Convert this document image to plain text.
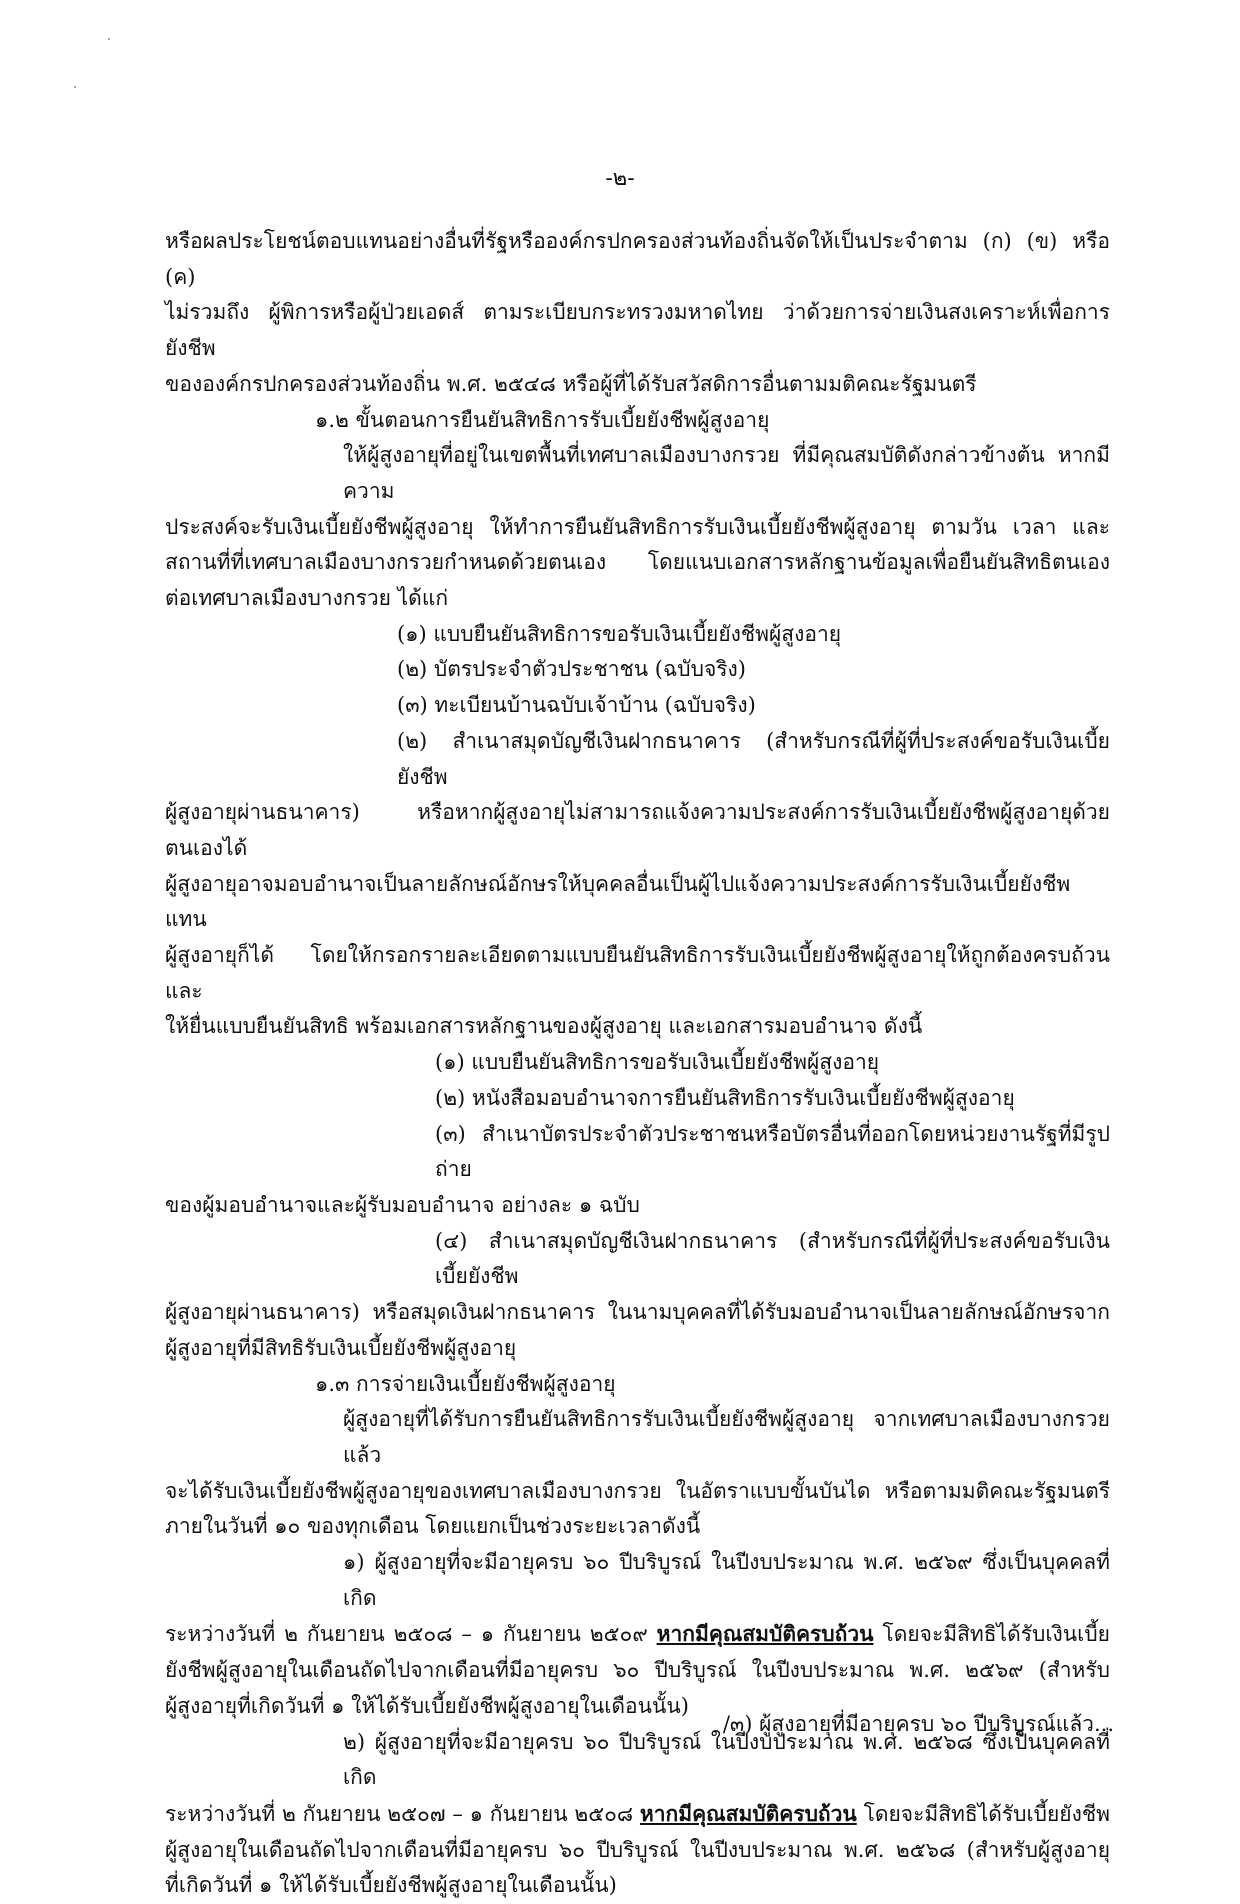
-๒-

หรือผลประโยชน์ตอบแทนอย่างอื่นที่รัฐหรือองค์กรปกครองส่วนท้องถิ่นจัดให้เป็นประจำตาม (ก) (ข) หรือ (ค)

ไม่รวมถึง ผู้พิการหรือผู้ป่วยเอดส์ ตามระเบียบกระทรวงมหาดไทย ว่าด้วยการจ่ายเงินสงเคราะห์เพื่อการยังชีพ

ขององค์กรปกครองส่วนท้องถิ่น พ.ศ. ๒๕๔๘ หรือผู้ที่ได้รับสวัสดิการอื่นตามมติคณะรัฐมนตรี

๑.๒ ขั้นตอนการยืนยันสิทธิการรับเบี้ยยังชีพผู้สูงอายุ

ให้ผู้สูงอายุที่อยู่ในเขตพื้นที่เทศบาลเมืองบางกรวย ที่มีคุณสมบัติดังกล่าวข้างต้น หากมีความ

ประสงค์จะรับเงินเบี้ยยังชีพผู้สูงอายุ ให้ทำการยืนยันสิทธิการรับเงินเบี้ยยังชีพผู้สูงอายุ ตามวัน เวลา และ

สถานที่ที่เทศบาลเมืองบางกรวยกำหนดด้วยตนเอง โดยแนบเอกสารหลักฐานข้อมูลเพื่อยืนยันสิทธิตนเอง

ต่อเทศบาลเมืองบางกรวย ได้แก่

(๑) แบบยืนยันสิทธิการขอรับเงินเบี้ยยังชีพผู้สูงอายุ

(๒) บัตรประจำตัวประชาชน (ฉบับจริง)

(๓) ทะเบียนบ้านฉบับเจ้าบ้าน (ฉบับจริง)

(๒) สำเนาสมุดบัญชีเงินฝากธนาคาร (สำหรับกรณีที่ผู้ที่ประสงค์ขอรับเงินเบี้ยยังชีพ

ผู้สูงอายุผ่านธนาคาร) หรือหากผู้สูงอายุไม่สามารถแจ้งความประสงค์การรับเงินเบี้ยยังชีพผู้สูงอายุด้วยตนเองได้

ผู้สูงอายุอาจมอบอำนาจเป็นลายลักษณ์อักษรให้บุคคลอื่นเป็นผู้ไปแจ้งความประสงค์การรับเงินเบี้ยยังชีพแทน

ผู้สูงอายุก็ได้ โดยให้กรอกรายละเอียดตามแบบยืนยันสิทธิการรับเงินเบี้ยยังชีพผู้สูงอายุให้ถูกต้องครบถ้วนและ

ให้ยื่นแบบยืนยันสิทธิ พร้อมเอกสารหลักฐานของผู้สูงอายุ และเอกสารมอบอำนาจ ดังนี้

(๑) แบบยืนยันสิทธิการขอรับเงินเบี้ยยังชีพผู้สูงอายุ

(๒) หนังสือมอบอำนาจการยืนยันสิทธิการรับเงินเบี้ยยังชีพผู้สูงอายุ

(๓) สำเนาบัตรประจำตัวประชาชนหรือบัตรอื่นที่ออกโดยหน่วยงานรัฐที่มีรูปถ่าย

ของผู้มอบอำนาจและผู้รับมอบอำนาจ อย่างละ ๑ ฉบับ

(๔) สำเนาสมุดบัญชีเงินฝากธนาคาร (สำหรับกรณีที่ผู้ที่ประสงค์ขอรับเงินเบี้ยยังชีพ

ผู้สูงอายุผ่านธนาคาร) หรือสมุดเงินฝากธนาคาร ในนามบุคคลที่ได้รับมอบอำนาจเป็นลายลักษณ์อักษรจาก

ผู้สูงอายุที่มีสิทธิรับเงินเบี้ยยังชีพผู้สูงอายุ

๑.๓ การจ่ายเงินเบี้ยยังชีพผู้สูงอายุ

ผู้สูงอายุที่ได้รับการยืนยันสิทธิการรับเงินเบี้ยยังชีพผู้สูงอายุ จากเทศบาลเมืองบางกรวยแล้ว

จะได้รับเงินเบี้ยยังชีพผู้สูงอายุของเทศบาลเมืองบางกรวย ในอัตราแบบขั้นบันได หรือตามมติคณะรัฐมนตรี

ภายในวันที่ ๑๐ ของทุกเดือน โดยแยกเป็นช่วงระยะเวลาดังนี้

๑) ผู้สูงอายุที่จะมีอายุครบ ๖๐ ปีบริบูรณ์ ในปีงบประมาณ พ.ศ. ๒๕๖๙ ซึ่งเป็นบุคคลที่เกิด

ระหว่างวันที่ ๒ กันยายน ๒๕๐๘ – ๑ กันยายน ๒๕๐๙ หากมีคุณสมบัติครบถ้วน โดยจะมีสิทธิได้รับเงินเบี้ย

ยังชีพผู้สูงอายุในเดือนถัดไปจากเดือนที่มีอายุครบ ๖๐ ปีบริบูรณ์ ในปีงบประมาณ พ.ศ. ๒๕๖๙ (สำหรับ

ผู้สูงอายุที่เกิดวันที่ ๑ ให้ได้รับเบี้ยยังชีพผู้สูงอายุในเดือนนั้น)

๒) ผู้สูงอายุที่จะมีอายุครบ ๖๐ ปีบริบูรณ์ ในปีงบประมาณ พ.ศ. ๒๕๖๘ ซึ่งเป็นบุคคลที่เกิด

ระหว่างวันที่ ๒ กันยายน ๒๕๐๗ – ๑ กันยายน ๒๕๐๘ หากมีคุณสมบัติครบถ้วน โดยจะมีสิทธิได้รับเบี้ยยังชีพ

ผู้สูงอายุในเดือนถัดไปจากเดือนที่มีอายุครบ ๖๐ ปีบริบูรณ์ ในปีงบประมาณ พ.ศ. ๒๕๖๘ (สำหรับผู้สูงอายุ

ที่เกิดวันที่ ๑ ให้ได้รับเบี้ยยังชีพผู้สูงอายุในเดือนนั้น)

/๓) ผู้สูงอายุที่มีอายุครบ ๖๐ ปีบริบูรณ์แล้ว...
